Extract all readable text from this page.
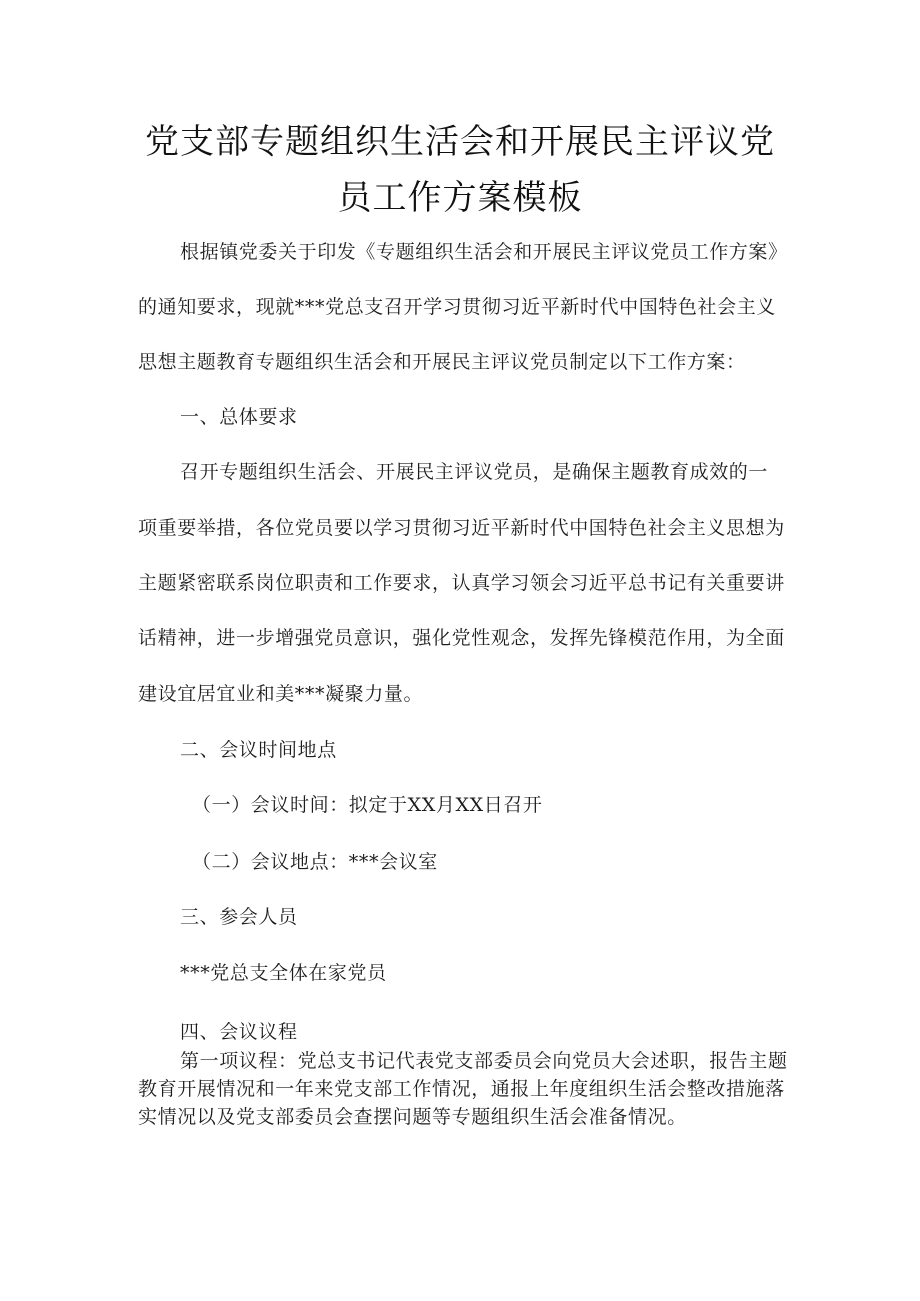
党支部专题组织生活会和开展民主评议党
员工作方案模板
根据镇党委关于印发《专题组织生活会和开展民主评议党员工作方案》
的通知要求，现就***党总支召开学习贯彻习近平新时代中国特色社会主义
思想主题教育专题组织生活会和开展民主评议党员制定以下工作方案：
一、总体要求
召开专题组织生活会、开展民主评议党员，是确保主题教育成效的一
项重要举措，各位党员要以学习贯彻习近平新时代中国特色社会主义思想为
主题紧密联系岗位职责和工作要求，认真学习领会习近平总书记有关重要讲
话精神，进一步增强党员意识，强化党性观念，发挥先锋模范作用，为全面
建设宜居宜业和美***凝聚力量。
二、会议时间地点
（一）会议时间：拟定于XX月XX日召开
（二）会议地点：***会议室
三、参会人员
***党总支全体在家党员
四、会议议程
第一项议程：党总支书记代表党支部委员会向党员大会述职，报告主题
教育开展情况和一年来党支部工作情况，通报上年度组织生活会整改措施落
实情况以及党支部委员会查摆问题等专题组织生活会准备情况。
